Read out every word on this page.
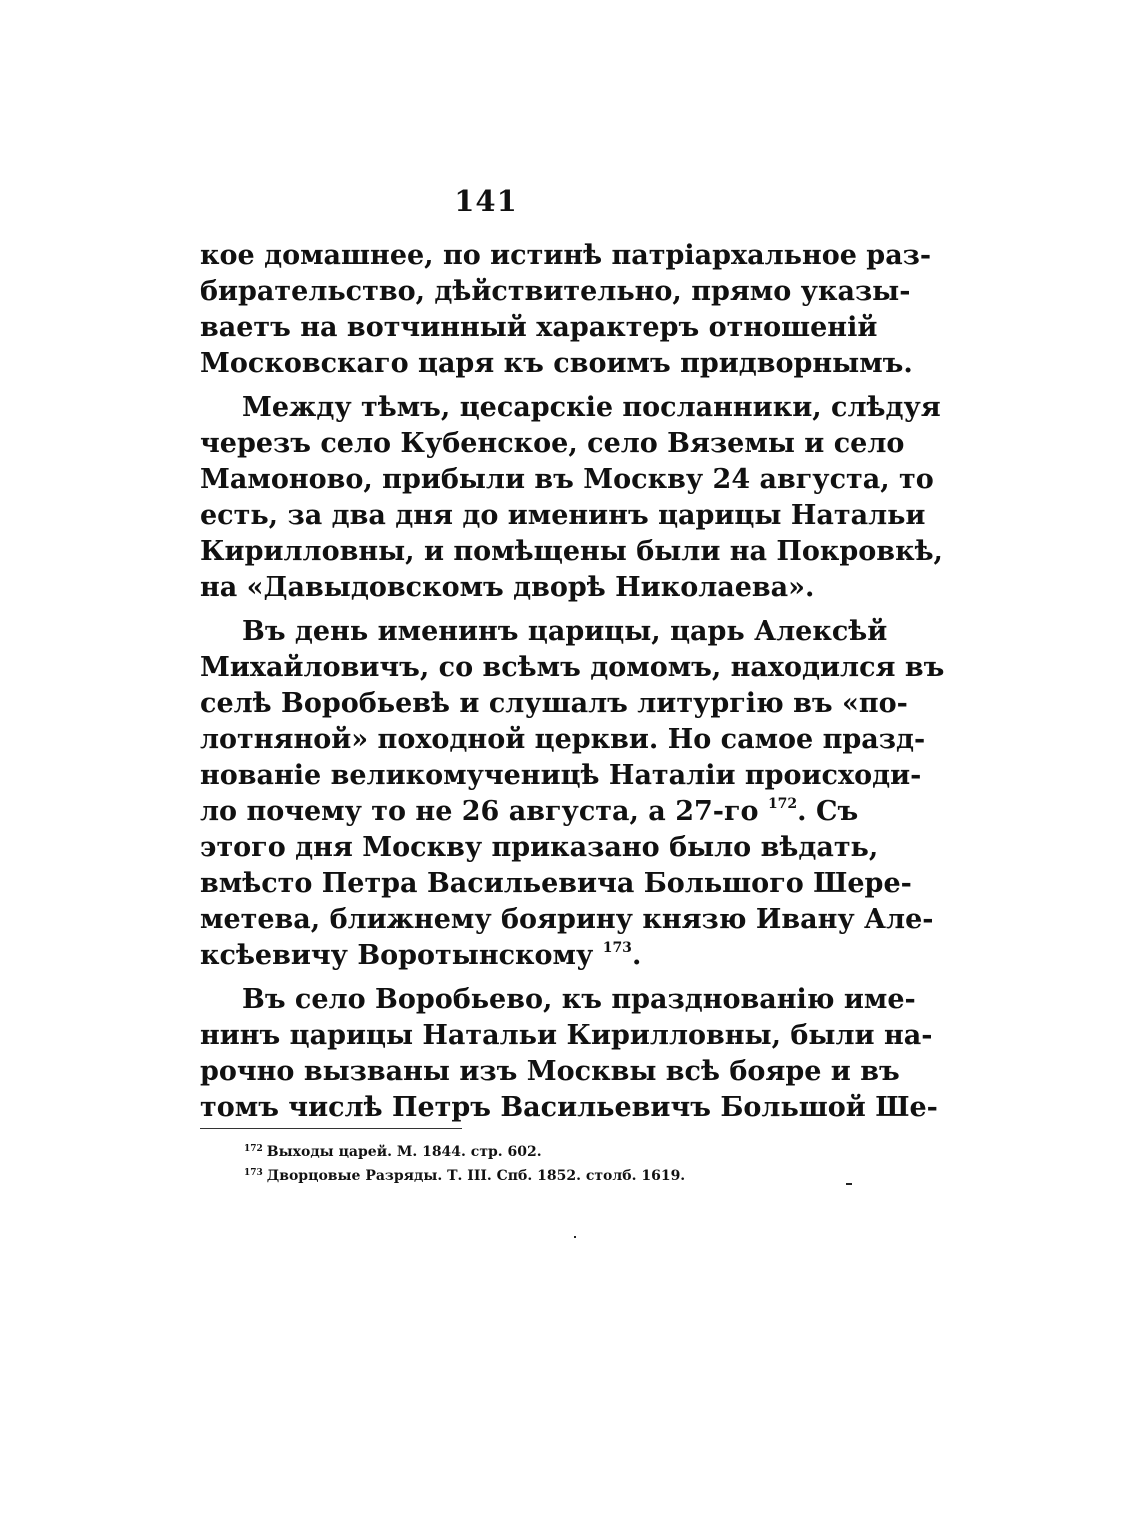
141
кое домашнее, по истинѣ патріархальное раз-
бирательство, дѣйствительно, прямо указы-
ваетъ на вотчинный характеръ отношеній
Московскаго царя къ своимъ придворнымъ.
Между тѣмъ, цесарскіе посланники, слѣдуя
черезъ село Кубенское, село Вяземы и село
Мамоново, прибыли въ Москву 24 августа, то
есть, за два дня до именинъ царицы Натальи
Кирилловны, и помѣщены были на Покровкѣ,
на «Давыдовскомъ дворѣ Николаева».
Въ день именинъ царицы, царь Алексѣй
Михайловичъ, со всѣмъ домомъ, находился въ
селѣ Воробьевѣ и слушалъ литургію въ «по-
лотняной» походной церкви. Но самое празд-
нованіе великомученицѣ Наталіи происходи-
ло почему то не 26 августа, а 27-го $^{172}$. Съ
этого дня Москву приказано было вѣдать,
вмѣсто Петра Васильевича Большого Шере-
метева, ближнему боярину князю Ивану Але-
ксѣевичу Воротынскому $^{173}$.
Въ село Воробьево, къ празднованію име-
нинъ царицы Натальи Кирилловны, были на-
рочно вызваны изъ Москвы всѣ бояре и въ
томъ числѣ Петръ Васильевичъ Большой Ше-
$^{172}$ Выходы царей. М. 1844. стр. 602.
$^{173}$ Дворцовые Разряды. Т. III. Спб. 1852. столб. 1619.
